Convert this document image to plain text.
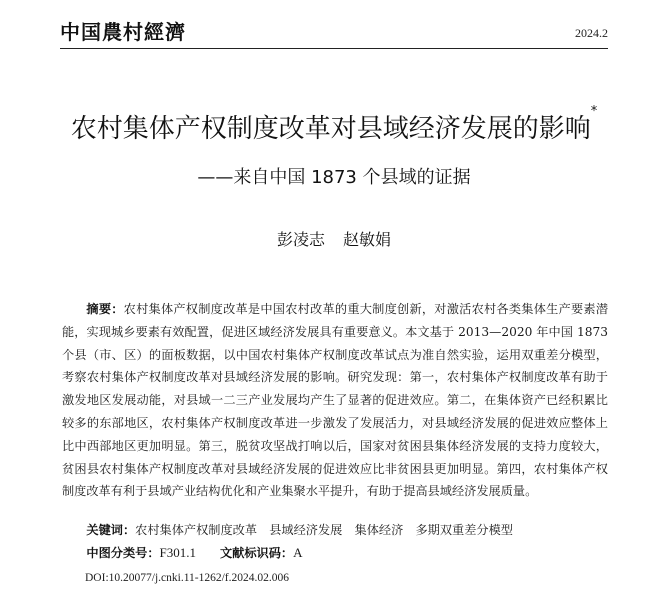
中国農村經濟	2024.2
农村集体产权制度改革对县域经济发展的影响*
——来自中国 1873 个县域的证据
彭凌志 赵敏娟
摘要：农村集体产权制度改革是中国农村改革的重大制度创新，对激活农村各类集体生产要素潜能，实现城乡要素有效配置，促进区域经济发展具有重要意义。本文基于 2013—2020 年中国 1873 个县（市、区）的面板数据，以中国农村集体产权制度改革试点为准自然实验，运用双重差分模型，考察农村集体产权制度改革对县域经济发展的影响。研究发现：第一，农村集体产权制度改革有助于激发地区发展动能，对县域一二三产业发展均产生了显著的促进效应。第二，在集体资产已经积累比较多的东部地区，农村集体产权制度改革进一步激发了发展活力，对县域经济发展的促进效应整体上比中西部地区更加明显。第三，脱贫攻坚战打响以后，国家对贫困县集体经济发展的支持力度较大，贫困县农村集体产权制度改革对县域经济发展的促进效应比非贫困县更加明显。第四，农村集体产权制度改革有利于县域产业结构优化和产业集聚水平提升，有助于提高县域经济发展质量。
关键词：农村集体产权制度改革　县域经济发展　集体经济　多期双重差分模型
中图分类号：F301.1 文献标识码：A
DOI:10.20077/j.cnki.11-1262/f.2024.02.006
